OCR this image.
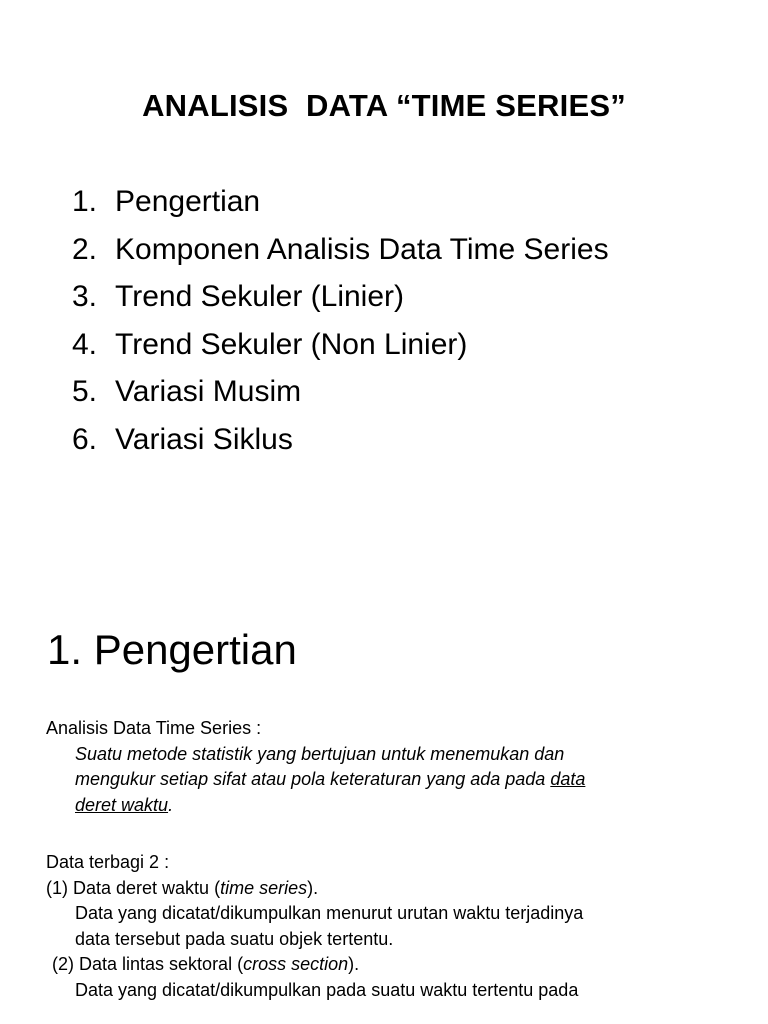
ANALISIS  DATA “TIME SERIES”
1. Pengertian
2. Komponen Analisis Data Time Series
3. Trend Sekuler (Linier)
4. Trend Sekuler (Non Linier)
5. Variasi Musim
6. Variasi Siklus
1. Pengertian

Analisis Data Time Series :

Suatu metode statistik yang bertujuan untuk menemukan dan

mengukur setiap sifat atau pola keteraturan yang ada pada data

deret waktu.

Data terbagi 2 :

(1) Data deret waktu (time series).

Data yang dicatat/dikumpulkan menurut urutan waktu terjadinya

data tersebut pada suatu objek tertentu.

(2) Data lintas sektoral (cross section).

Data yang dicatat/dikumpulkan pada suatu waktu tertentu pada
